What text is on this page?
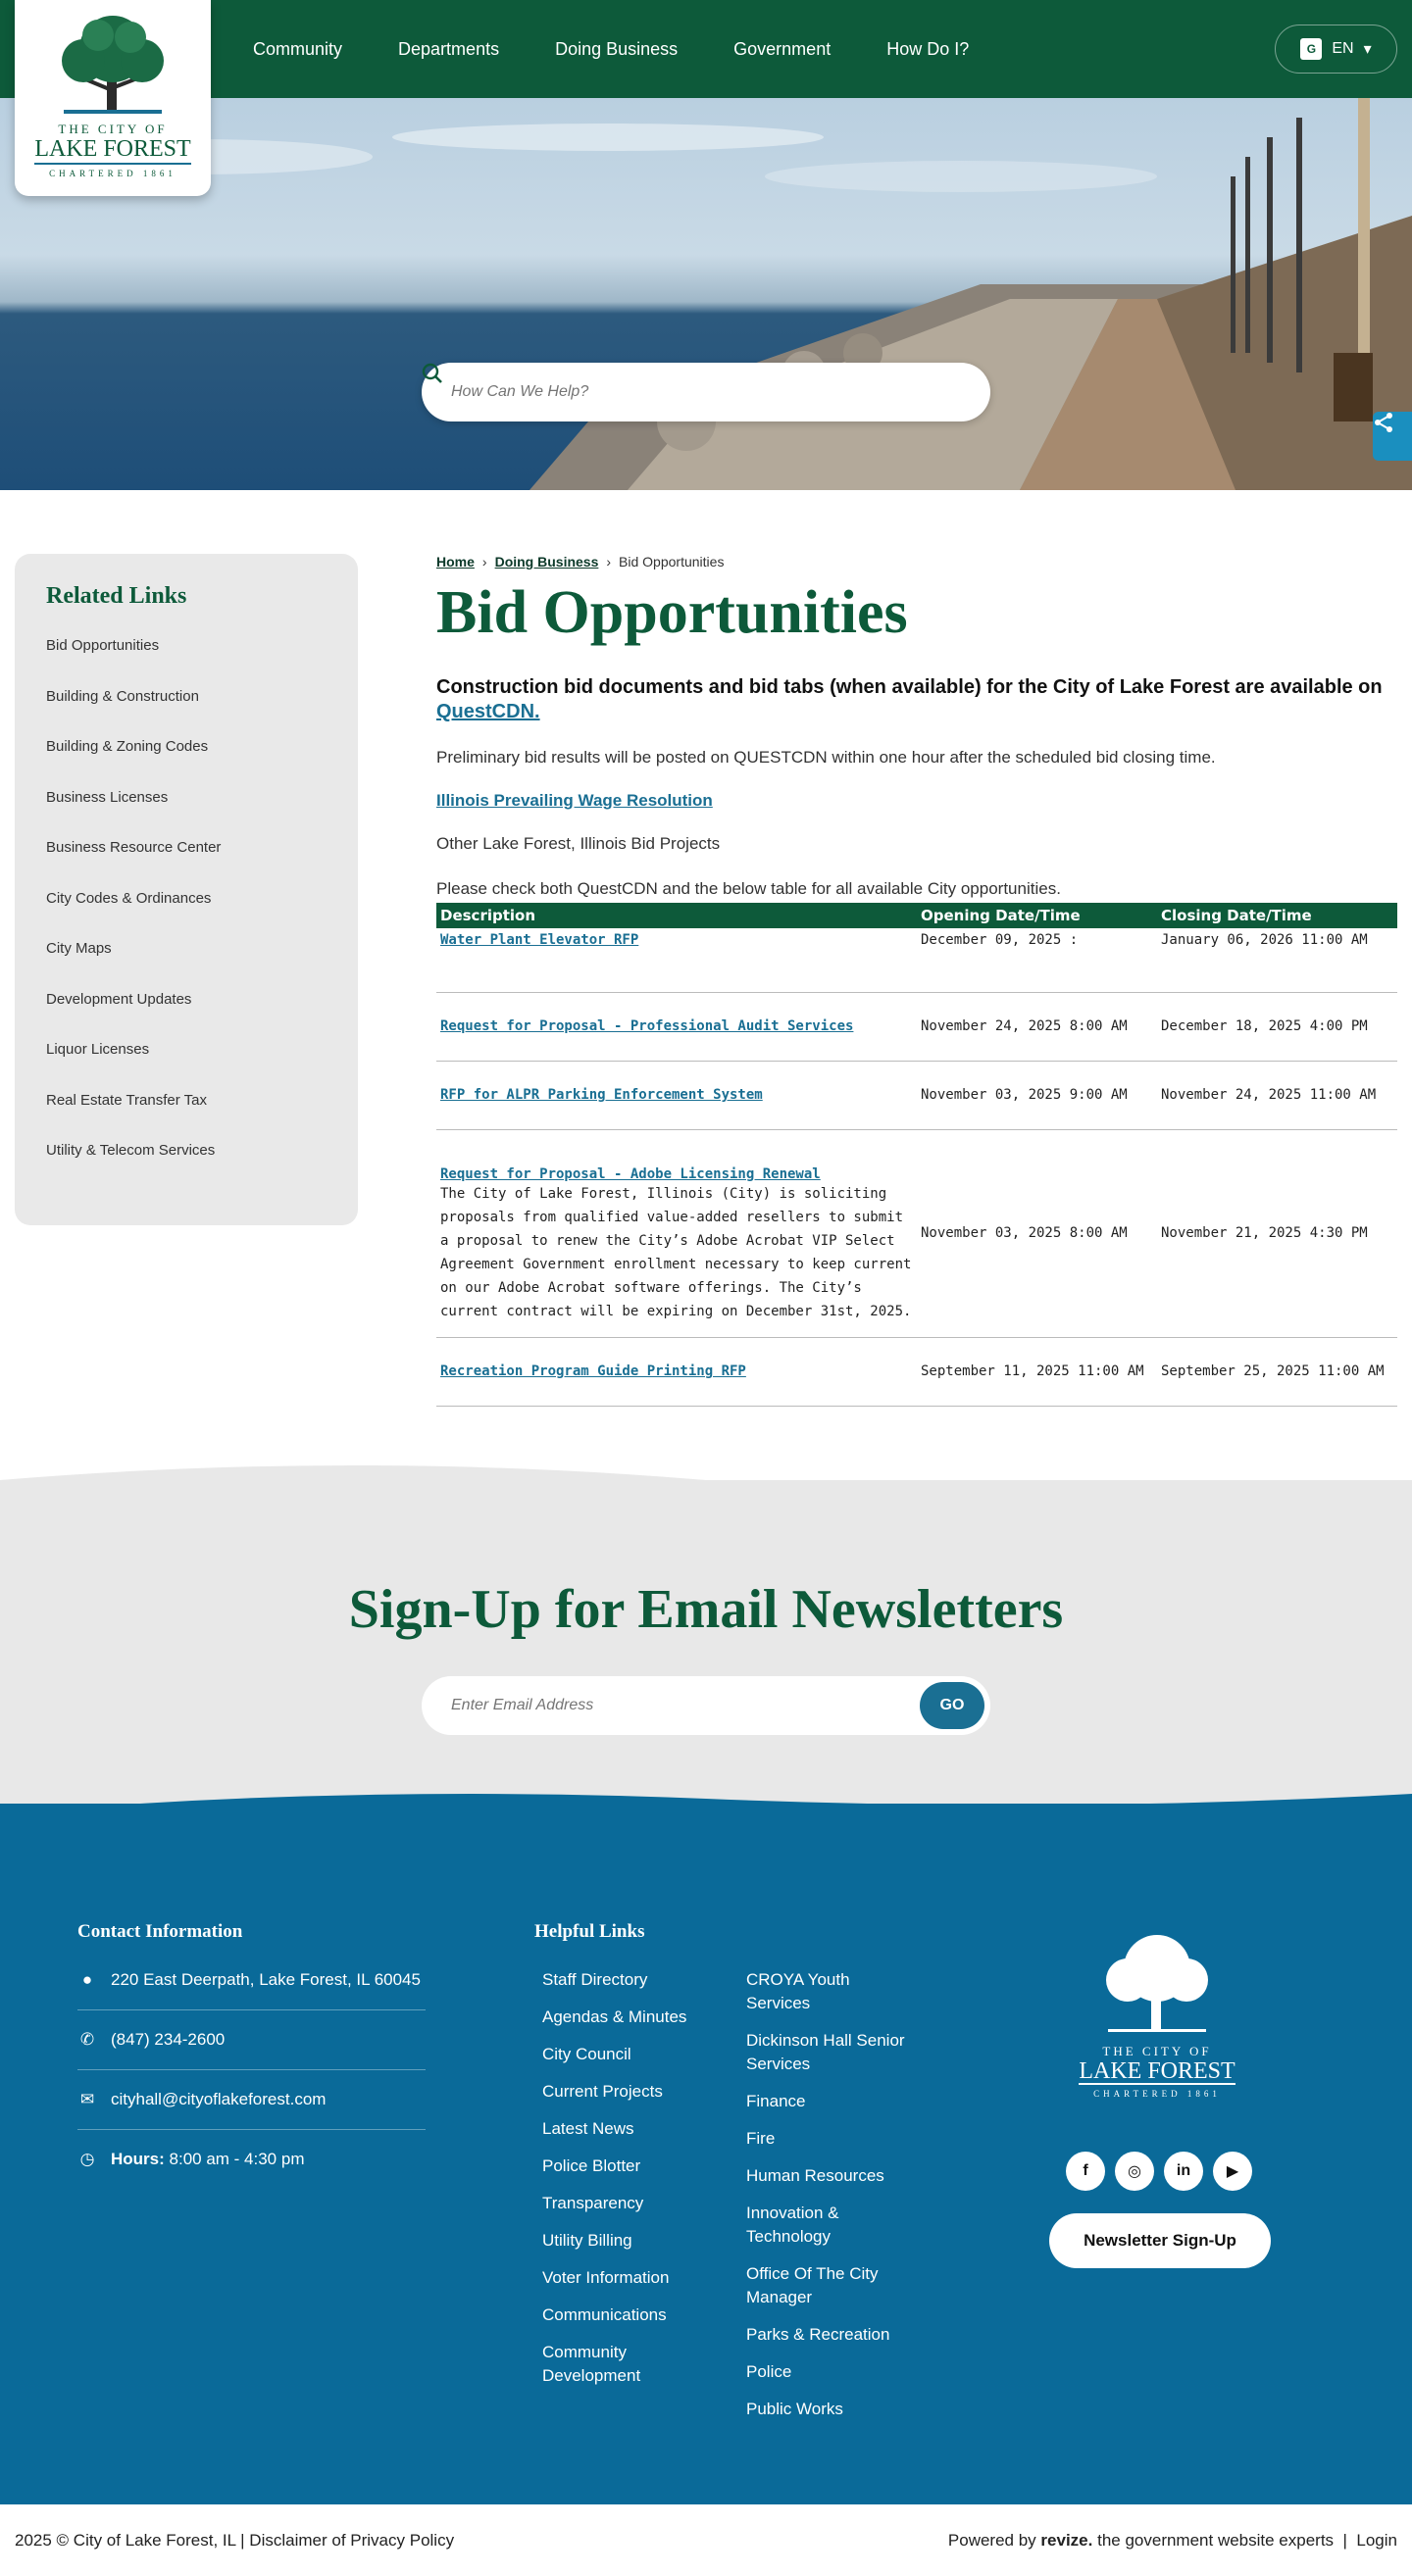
Community	Departments	Doing Business	Government	How Do I?	G	EN ▾
THE CITY OF
LAKE FOREST
CHARTERED 1861
How Can We Help?
Related Links
Bid Opportunities
Building & Construction
Building & Zoning Codes
Business Licenses
Business Resource Center
City Codes & Ordinances
City Maps
Development Updates
Liquor Licenses
Real Estate Transfer Tax
Utility & Telecom Services
Home › Doing Business › Bid Opportunities
Bid Opportunities

Construction bid documents and bid tabs (when available) for the City of Lake Forest are available on
QuestCDN.

Preliminary bid results will be posted on QUESTCDN within one hour after the scheduled bid closing time.

Illinois Prevailing Wage Resolution

Other Lake Forest, Illinois Bid Projects

Please check both QuestCDN and the below table for all available City opportunities.

Description	Opening Date/Time	Closing Date/Time
Water Plant Elevator RFP	December 09, 2025 :	January 06, 2026 11:00 AM
Request for Proposal - Professional Audit Services	November 24, 2025 8:00 AM	December 18, 2025 4:00 PM
RFP for ALPR Parking Enforcement System	November 03, 2025 9:00 AM	November 24, 2025 11:00 AM
Request for Proposal - Adobe Licensing Renewal
The City of Lake Forest, Illinois (City) is soliciting proposals from qualified value-added resellers to submit a proposal to renew the City’s Adobe Acrobat VIP Select Agreement Government enrollment necessary to keep current on our Adobe Acrobat software offerings. The City’s current contract will be expiring on December 31st, 2025.	November 03, 2025 8:00 AM	November 21, 2025 4:30 PM
Recreation Program Guide Printing RFP	September 11, 2025 11:00 AM	September 25, 2025 11:00 AM
Sign-Up for Email Newsletters
Enter Email Address
GO
Contact Information
● 220 East Deerpath, Lake Forest, IL 60045
✆ (847) 234-2600
✉ cityhall@cityoflakeforest.com
◷ Hours: 8:00 am - 4:30 pm
Helpful Links
Staff Directory
Agendas & Minutes
City Council
Current Projects
Latest News
Police Blotter
Transparency
Utility Billing
Voter Information
Communications
Community Development
CROYA Youth Services
Dickinson Hall Senior Services
Finance
Fire
Human Resources
Innovation & Technology
Office Of The City Manager
Parks & Recreation
Police
Public Works
THE CITY OF
LAKE FOREST
CHARTERED 1861
f	◎	in	▶
Newsletter Sign-Up
2025 © City of Lake Forest, IL | Disclaimer of Privacy Policy	Powered by revize. the government website experts | Login
